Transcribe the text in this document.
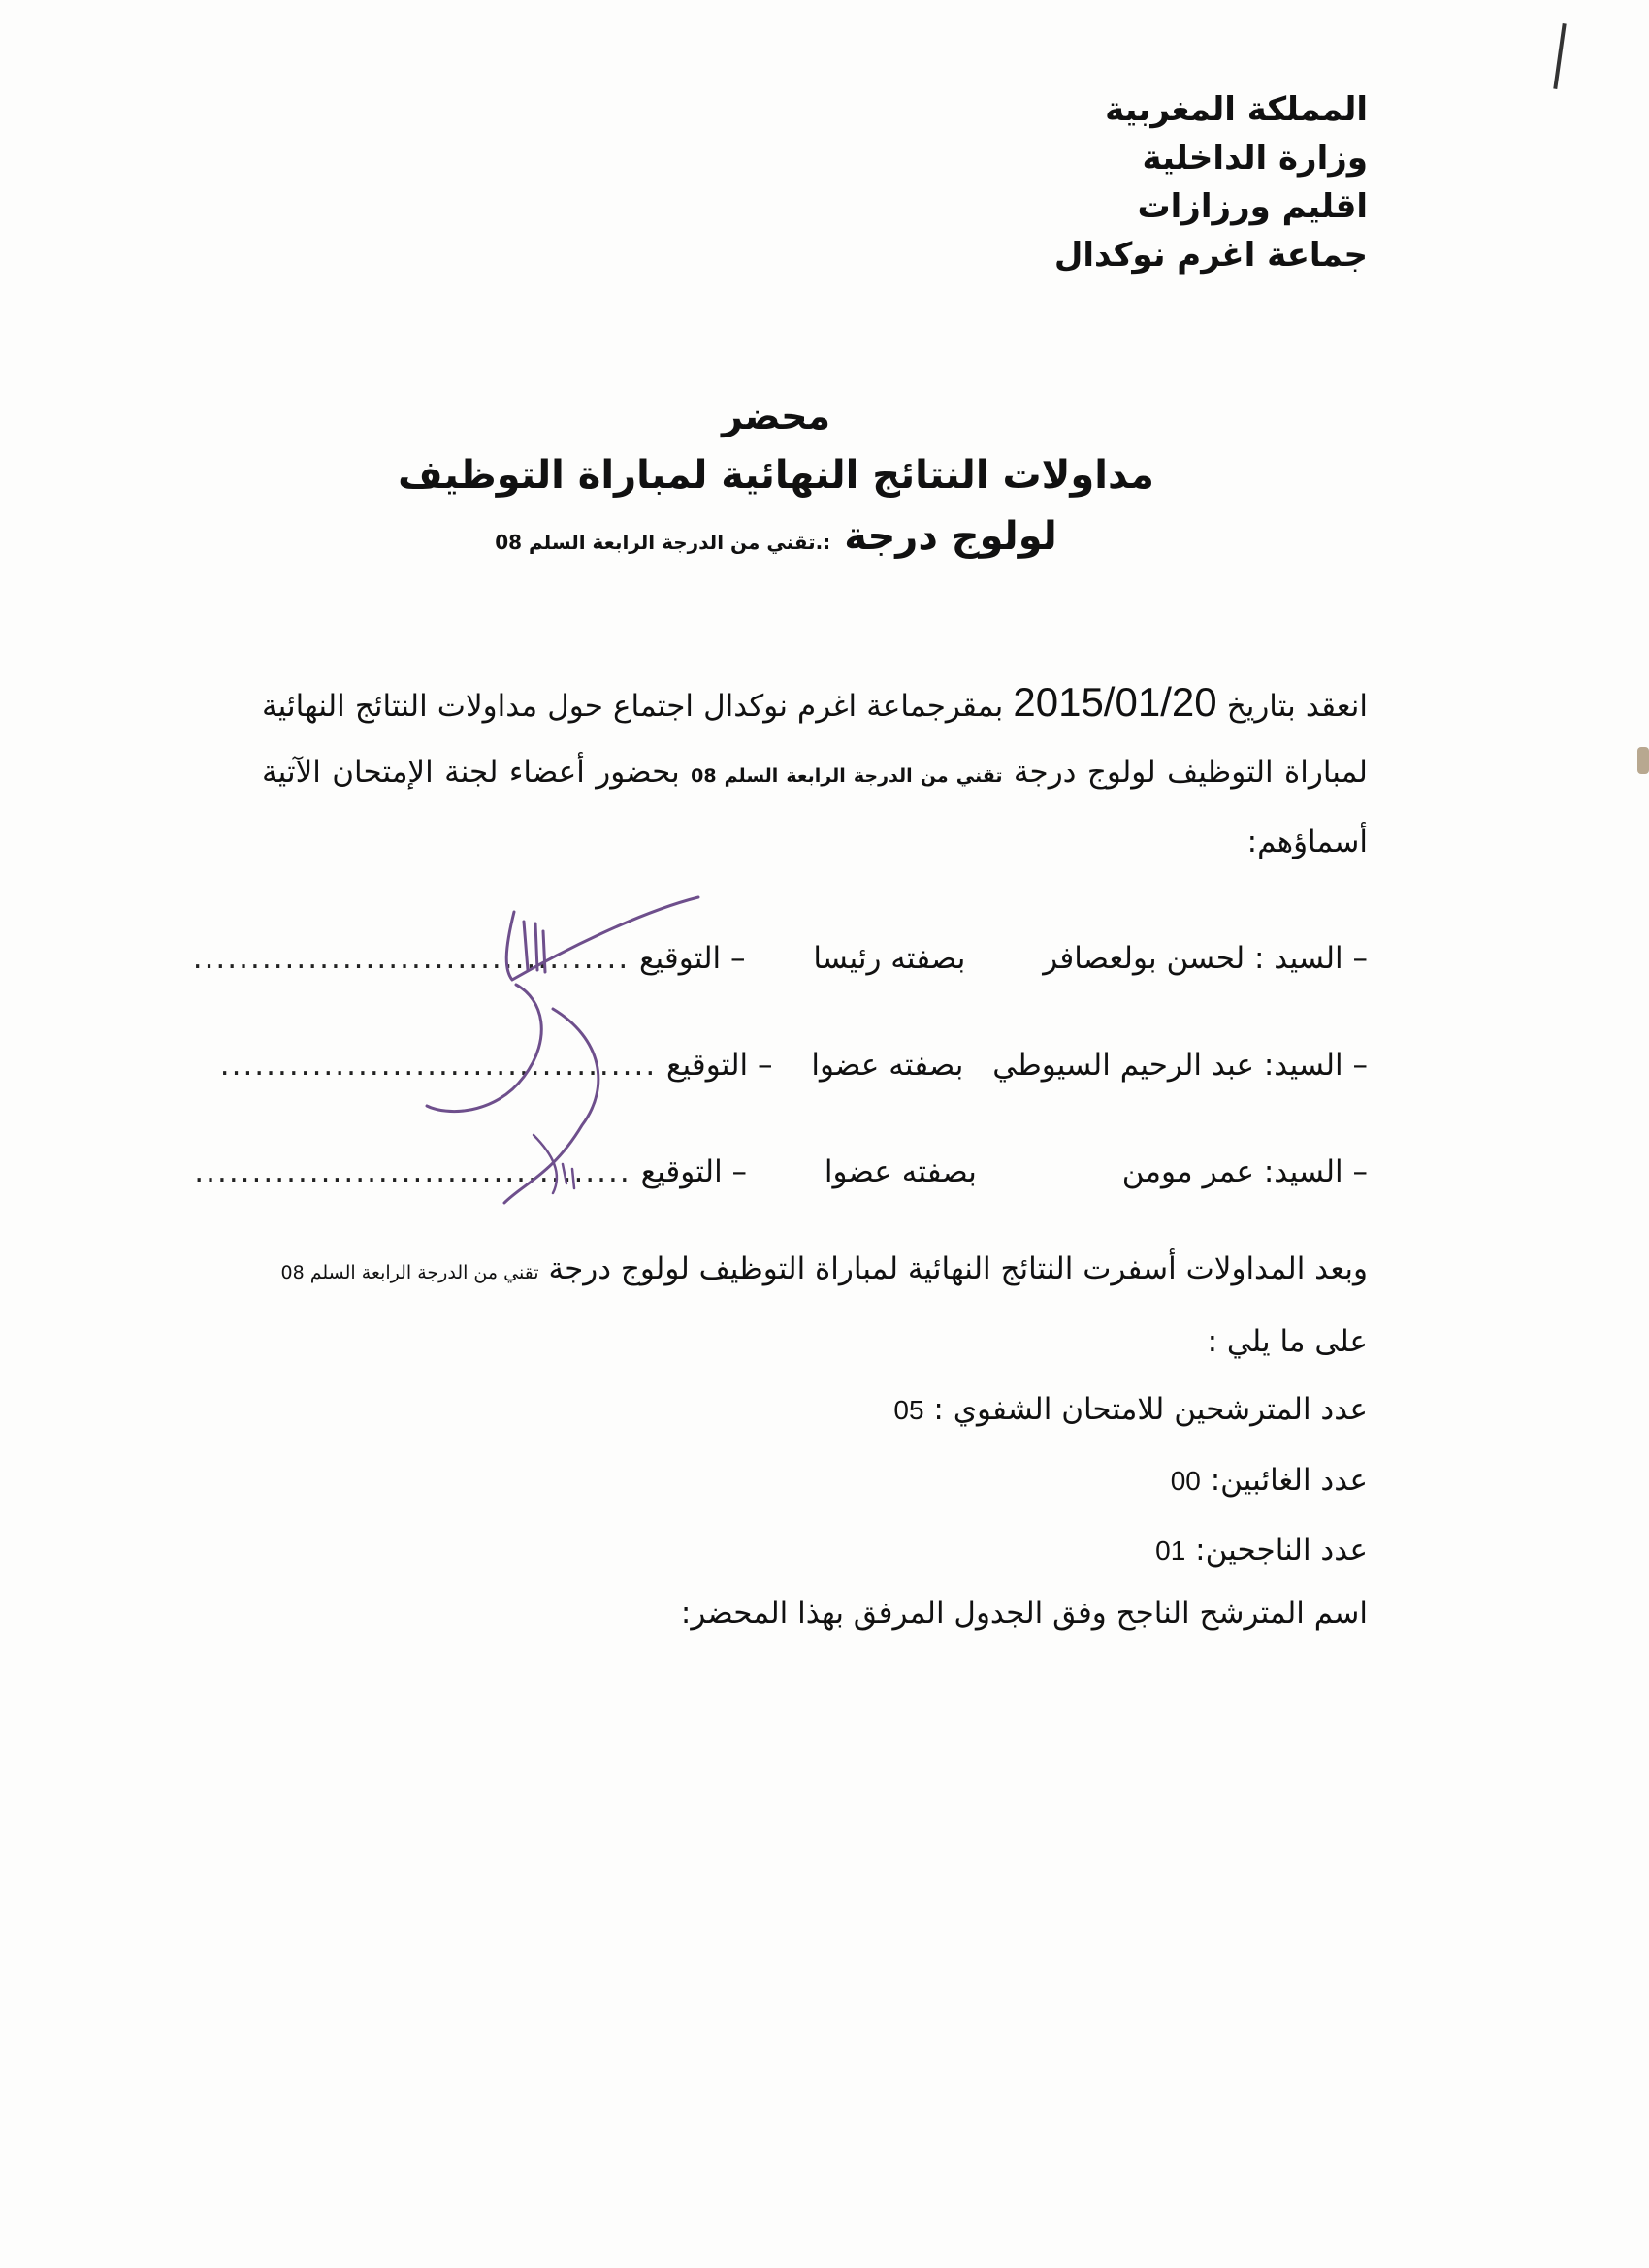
المملكة المغربية
وزارة الداخلية
اقليم ورزازات
جماعة اغرم نوكدال
محضر
مداولات النتائج النهائية لمباراة التوظيف
لولوج درجة :.تقني من الدرجة الرابعة السلم 08
انعقد بتاريخ 2015/01/20 بمقرجماعة اغرم نوكدال اجتماع حول مداولات النتائج النهائية لمباراة التوظيف لولوج درجة تقني من الدرجة الرابعة السلم 08 بحضور أعضاء لجنة الإمتحان الآتية أسماؤهم:
– السيد : لحسن بولعصافر بصفته رئيسا – التوقيع ......................................
– السيد: عبد الرحيم السيوطي بصفته عضوا – التوقيع ......................................
– السيد: عمر مومن بصفته عضوا – التوقيع ......................................
وبعد المداولات أسفرت النتائج النهائية لمباراة التوظيف لولوج درجة تقني من الدرجة الرابعة السلم 08
على ما يلي :
عدد المترشحين للامتحان الشفوي : 05
عدد الغائبين: 00
عدد الناجحين: 01
اسم المترشح الناجح وفق الجدول المرفق بهذا المحضر:
